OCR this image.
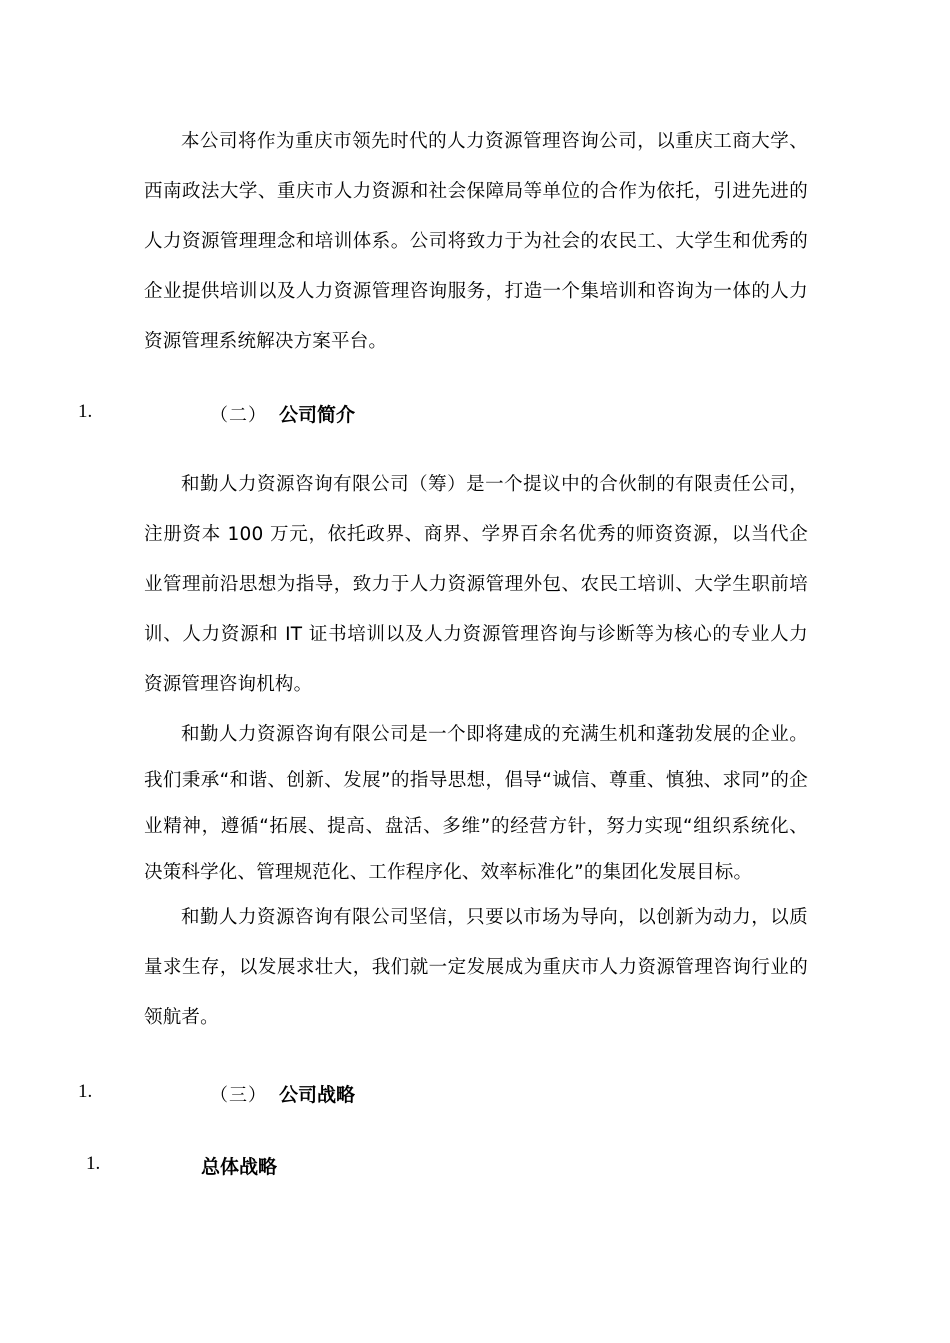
本公司将作为重庆市领先时代的人力资源管理咨询公司，以重庆工商大学、西南政法大学、重庆市人力资源和社会保障局等单位的合作为依托，引进先进的人力资源管理理念和培训体系。公司将致力于为社会的农民工、大学生和优秀的企业提供培训以及人力资源管理咨询服务，打造一个集培训和咨询为一体的人力资源管理系统解决方案平台。

1.	（二） 公司简介

和勤人力资源咨询有限公司（筹）是一个提议中的合伙制的有限责任公司，注册资本 100 万元，依托政界、商界、学界百余名优秀的师资资源，以当代企业管理前沿思想为指导，致力于人力资源管理外包、农民工培训、大学生职前培训、人力资源和 IT 证书培训以及人力资源管理咨询与诊断等为核心的专业人力资源管理咨询机构。

和勤人力资源咨询有限公司是一个即将建成的充满生机和蓬勃发展的企业。我们秉承“和谐、创新、发展”的指导思想，倡导“诚信、尊重、慎独、求同”的企业精神，遵循“拓展、提高、盘活、多维”的经营方针，努力实现“组织系统化、决策科学化、管理规范化、工作程序化、效率标准化”的集团化发展目标。

和勤人力资源咨询有限公司坚信，只要以市场为导向，以创新为动力，以质量求生存，以发展求壮大，我们就一定发展成为重庆市人力资源管理咨询行业的领航者。

1.	（三） 公司战略
1.	总体战略
